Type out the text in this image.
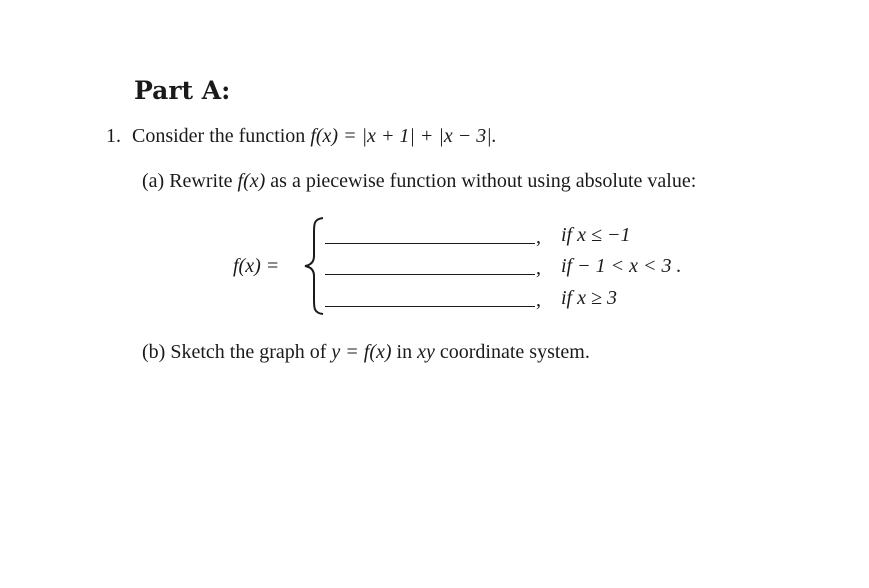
Part A:
1. Consider the function f(x) = |x + 1| + |x − 3|.
(a) Rewrite f(x) as a piecewise function without using absolute value:
f(x) =
, if x ≤ −1
, if − 1 < x < 3 .
, if x ≥ 3
(b) Sketch the graph of y = f(x) in xy coordinate system.
